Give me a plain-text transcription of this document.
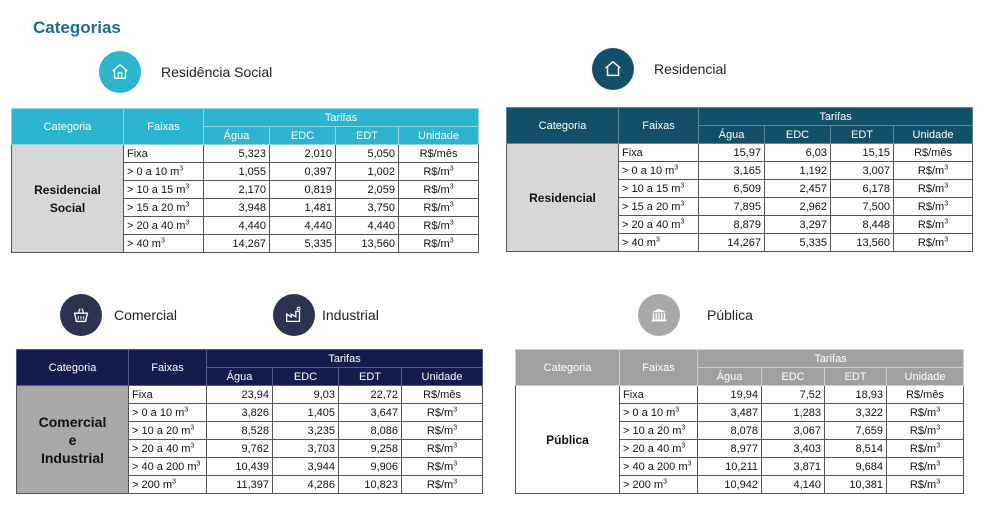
Categorias
Residência Social	Residencial
Comercial	Industrial	Pública
Categoria	Faixas	Tarifas			
		Água	EDC	EDT	Unidade
Residencial Social	Fixa	5,323	2,010	5,050	R$/mês
	> 0 a 10 $m^3$	1,055	0,397	1,002	$R\$/m^3$
	> 10 a 15 $m^3$	2,170	0,819	2,059	$R\$/m^3$
	> 15 a 20 $m^3$	3,948	1,481	3,750	$R\$/m^3$
	> 20 a 40 $m^3$	4,440	4,440	4,440	$R\$/m^3$
	> 40 $m^3$	14,267	5,335	13,560	$R\$/m^3$
Categoria	Faixas	Tarifas			
		Água	EDC	EDT	Unidade
Residencial	Fixa	15,97	6,03	15,15	R$/mês
	> 0 a 10 $m^3$	3,165	1,192	3,007	$R\$/m^3$
	> 10 a 15 $m^3$	6,509	2,457	6,178	$R\$/m^3$
	> 15 a 20 $m^3$	7,895	2,962	7,500	$R\$/m^3$
	> 20 a 40 $m^3$	8,879	3,297	8,448	$R\$/m^3$
	> 40 $m^3$	14,267	5,335	13,560	$R\$/m^3$
Categoria	Faixas	Tarifas			
		Água	EDC	EDT	Unidade
Comercial
e
Industrial	Fixa	23,94	9,03	22,72	R$/mês
	> 0 a 10 $m^3$	3,826	1,405	3,647	$R\$/m^3$
	> 10 a 20 $m^3$	8,528	3,235	8,086	$R\$/m^3$
	> 20 a 40 $m^3$	9,762	3,703	9,258	$R\$/m^3$
	> 40 a 200 $m^3$	10,439	3,944	9,906	$R\$/m^3$
	> 200 $m^3$	11,397	4,286	10,823	$R\$/m^3$
Categoria	Faixas	Tarifas			
		Água	EDC	EDT	Unidade
Pública	Fixa	19,94	7,52	18,93	R$/mês
	> 0 a 10 $m^3$	3,487	1,283	3,322	$R\$/m^3$
	> 10 a 20 $m^3$	8,078	3,067	7,659	$R\$/m^3$
	> 20 a 40 $m^3$	8,977	3,403	8,514	$R\$/m^3$
	> 40 a 200 $m^3$	10,211	3,871	9,684	$R\$/m^3$
	> 200 $m^3$	10,942	4,140	10,381	$R\$/m^3$
